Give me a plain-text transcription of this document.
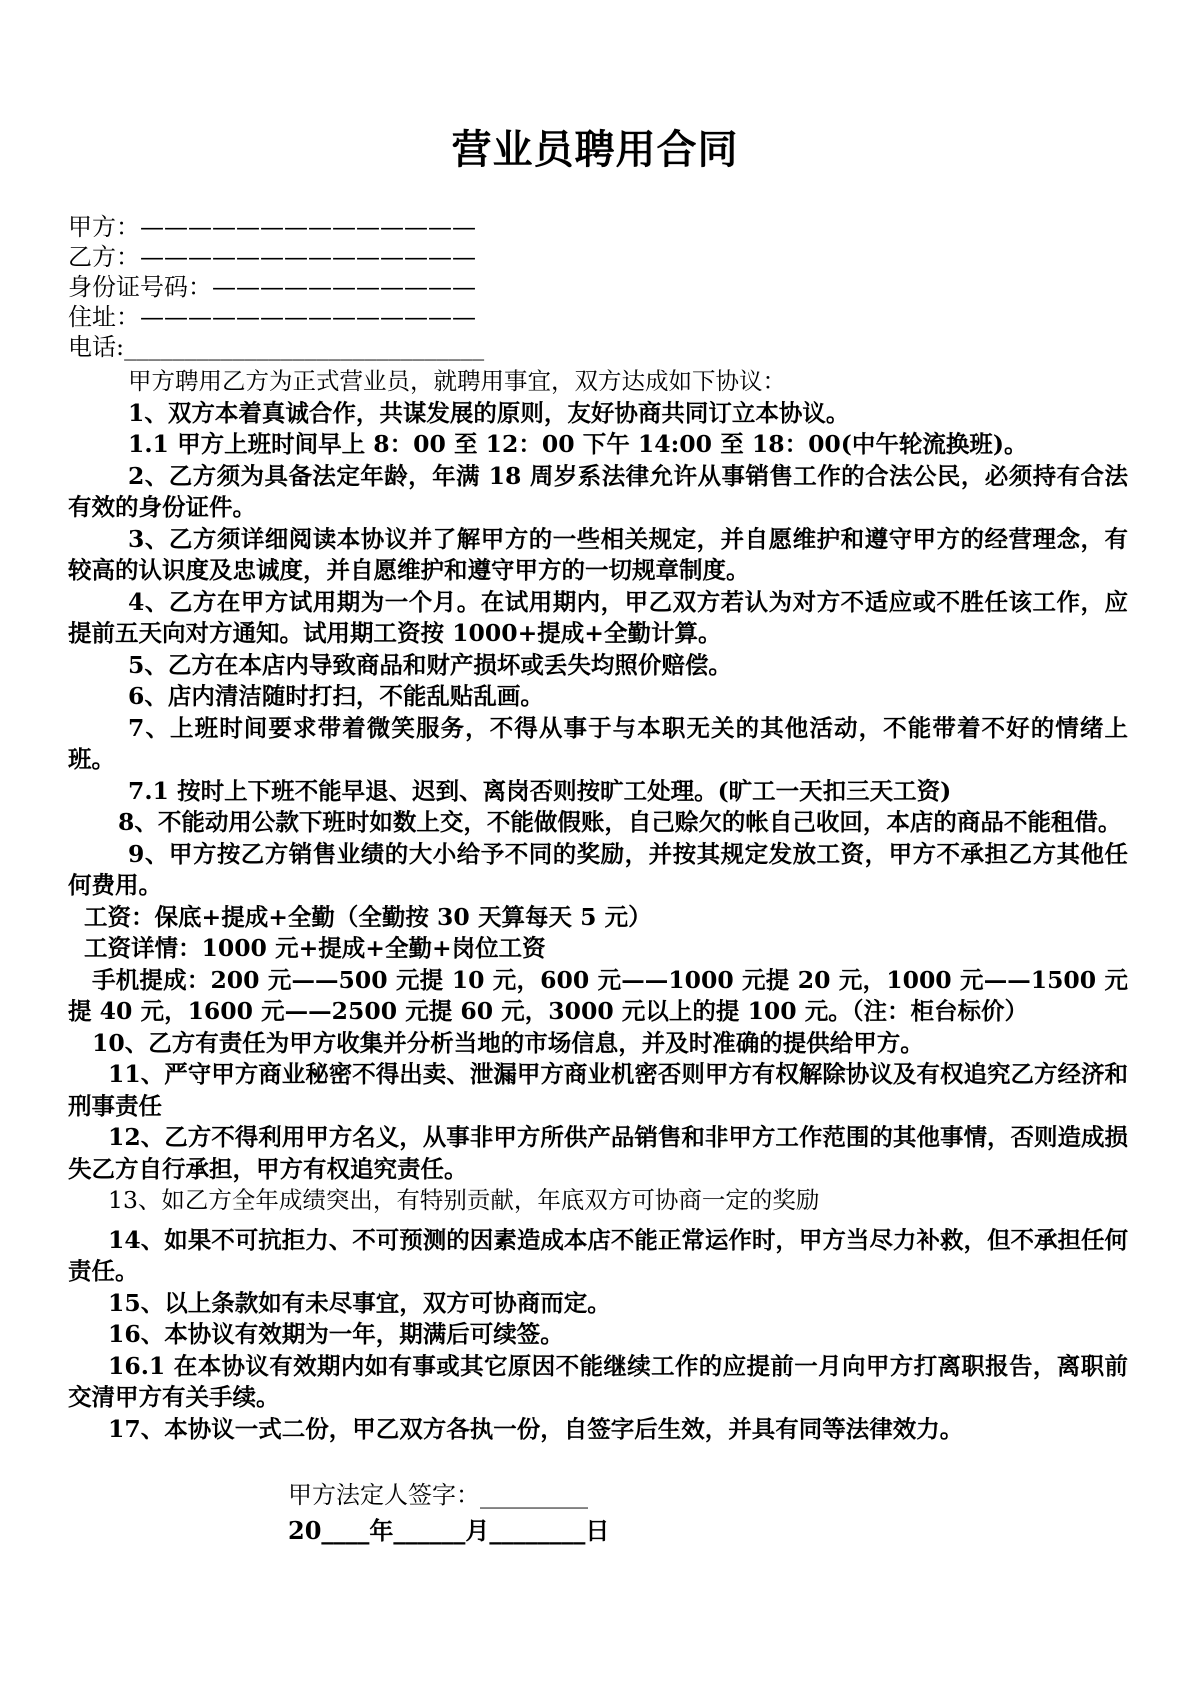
营业员聘用合同
甲方：——————————————
乙方：——————————————
身份证号码：———————————
住址：——————————————
电话:______________________________

甲方聘用乙方为正式营业员，就聘用事宜，双方达成如下协议：

1、双方本着真诚合作，共谋发展的原则，友好协商共同订立本协议。

1.1 甲方上班时间早上 8：00 至 12：00 下午 14:00 至 18：00(中午轮流换班)。

2、乙方须为具备法定年龄，年满 18 周岁系法律允许从事销售工作的合法公民，必须持有合法有效的身份证件。

3、乙方须详细阅读本协议并了解甲方的一些相关规定，并自愿维护和遵守甲方的经营理念，有较高的认识度及忠诚度，并自愿维护和遵守甲方的一切规章制度。

4、乙方在甲方试用期为一个月。在试用期内，甲乙双方若认为对方不适应或不胜任该工作，应提前五天向对方通知。试用期工资按 1000+提成+全勤计算。

5、乙方在本店内导致商品和财产损坏或丢失均照价赔偿。

6、店内清洁随时打扫，不能乱贴乱画。

7、上班时间要求带着微笑服务，不得从事于与本职无关的其他活动，不能带着不好的情绪上班。

7.1 按时上下班不能早退、迟到、离岗否则按旷工处理。(旷工一天扣三天工资)

8、不能动用公款下班时如数上交，不能做假账，自己赊欠的帐自己收回，本店的商品不能租借。

9、甲方按乙方销售业绩的大小给予不同的奖励，并按其规定发放工资，甲方不承担乙方其他任何费用。

工资：保底+提成+全勤（全勤按 30 天算每天 5 元）

工资详情：1000 元+提成+全勤+岗位工资

手机提成：200 元——500 元提 10 元，600 元——1000 元提 20 元，1000 元——1500 元提 40 元，1600 元——2500 元提 60 元，3000 元以上的提 100 元。（注：柜台标价）

10、乙方有责任为甲方收集并分析当地的市场信息，并及时准确的提供给甲方。

11、严守甲方商业秘密不得出卖、泄漏甲方商业机密否则甲方有权解除协议及有权追究乙方经济和刑事责任

12、乙方不得利用甲方名义，从事非甲方所供产品销售和非甲方工作范围的其他事情，否则造成损失乙方自行承担，甲方有权追究责任。

13、如乙方全年成绩突出，有特别贡献，年底双方可协商一定的奖励

14、如果不可抗拒力、不可预测的因素造成本店不能正常运作时，甲方当尽力补救，但不承担任何责任。

15、以上条款如有未尽事宜，双方可协商而定。

16、本协议有效期为一年，期满后可续签。

16.1 在本协议有效期内如有事或其它原因不能继续工作的应提前一月向甲方打离职报告，离职前交清甲方有关手续。

17、本协议一式二份，甲乙双方各执一份，自签字后生效，并具有同等法律效力。

甲方法定人签字：_________
20____年______月________日
